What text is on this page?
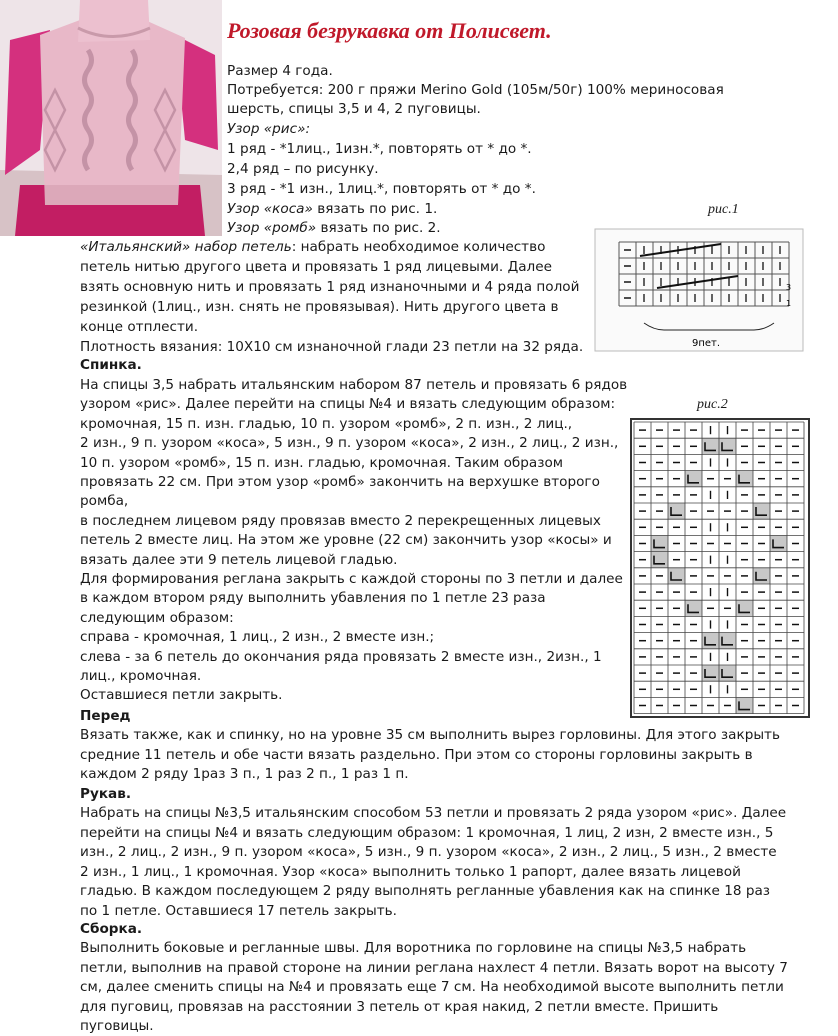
Розовая безрукавка от Полисвет.
Размер 4 года.
Потребуется: 200 г пряжи Merino Gold (105м/50г) 100% мериносовая
шерсть, спицы 3,5 и 4, 2 пуговицы.
Узор «рис»:
1 ряд - *1лиц., 1изн.*, повторять от * до *.
2,4 ряд – по рисунку.
3 ряд - *1 изн., 1лиц.*, повторять от * до *.
Узор «коса» вязать по рис. 1.
Узор «ромб» вязать по рис. 2.
рис.1
«Итальянский» набор петель: набрать необходимое количество
петель нитью другого цвета и провязать 1 ряд лицевыми. Далее
взять основную нить и провязать 1 ряд изнаночными и 4 ряда полой
резинкой (1лиц., изн. снять не провязывая). Нить другого цвета в
конце отплести.
Плотность вязания: 10Х10 см изнаночной глади 23 петли на 32 ряда.
3
1
9пет.
Спинка.
На спицы 3,5 набрать итальянским набором 87 петель и провязать 6 рядов
узором «рис». Далее перейти на спицы №4 и вязать следующим образом:
кромочная, 15 п. изн. гладью, 10 п. узором «ромб», 2 п. изн., 2 лиц.,
2 изн., 9 п. узором «коса», 5 изн., 9 п. узором «коса», 2 изн., 2 лиц., 2 изн.,
10 п. узором «ромб», 15 п. изн. гладью, кромочная. Таким образом
провязать 22 см. При этом узор «ромб» закончить на верхушке второго
ромба,
в последнем лицевом ряду провязав вместо 2 перекрещенных лицевых
петель 2 вместе лиц. На этом же уровне (22 см) закончить узор «косы» и
вязать далее эти 9 петель лицевой гладью.
Для формирования реглана закрыть с каждой стороны по 3 петли и далее
в каждом втором ряду выполнить убавления по 1 петле 23 раза
следующим образом:
справа - кромочная, 1 лиц., 2 изн., 2 вместе изн.;
слева - за 6 петель до окончания ряда провязать 2 вместе изн., 2изн., 1
лиц., кромочная.
Оставшиеся петли закрыть.
рис.2
Перед
Вязать также, как и спинку, но на уровне 35 см выполнить вырез горловины. Для этого закрыть
средние 11 петель и обе части вязать раздельно. При этом со стороны горловины закрыть в
каждом 2 ряду 1раз 3 п., 1 раз 2 п., 1 раз 1 п.
Рукав.
Набрать на спицы №3,5 итальянским способом 53 петли и провязать 2 ряда узором «рис». Далее
перейти на спицы №4 и вязать следующим образом: 1 кромочная, 1 лиц, 2 изн, 2 вместе изн., 5
изн., 2 лиц., 2 изн., 9 п. узором «коса», 5 изн., 9 п. узором «коса», 2 изн., 2 лиц., 5 изн., 2 вместе
2 изн., 1 лиц., 1 кромочная. Узор «коса» выполнить только 1 рапорт, далее вязать лицевой
гладью. В каждом последующем 2 ряду выполнять регланные убавления как на спинке 18 раз
по 1 петле. Оставшиеся 17 петель закрыть.
Сборка.
Выполнить боковые и регланные швы. Для воротника по горловине на спицы №3,5 набрать
петли, выполнив на правой стороне на линии реглана нахлест 4 петли. Вязать ворот на высоту 7
см, далее сменить спицы на №4 и провязать еще 7 см. На необходимой высоте выполнить петли
для пуговиц, провязав на расстоянии 3 петель от края накид, 2 петли вместе. Пришить
пуговицы.
